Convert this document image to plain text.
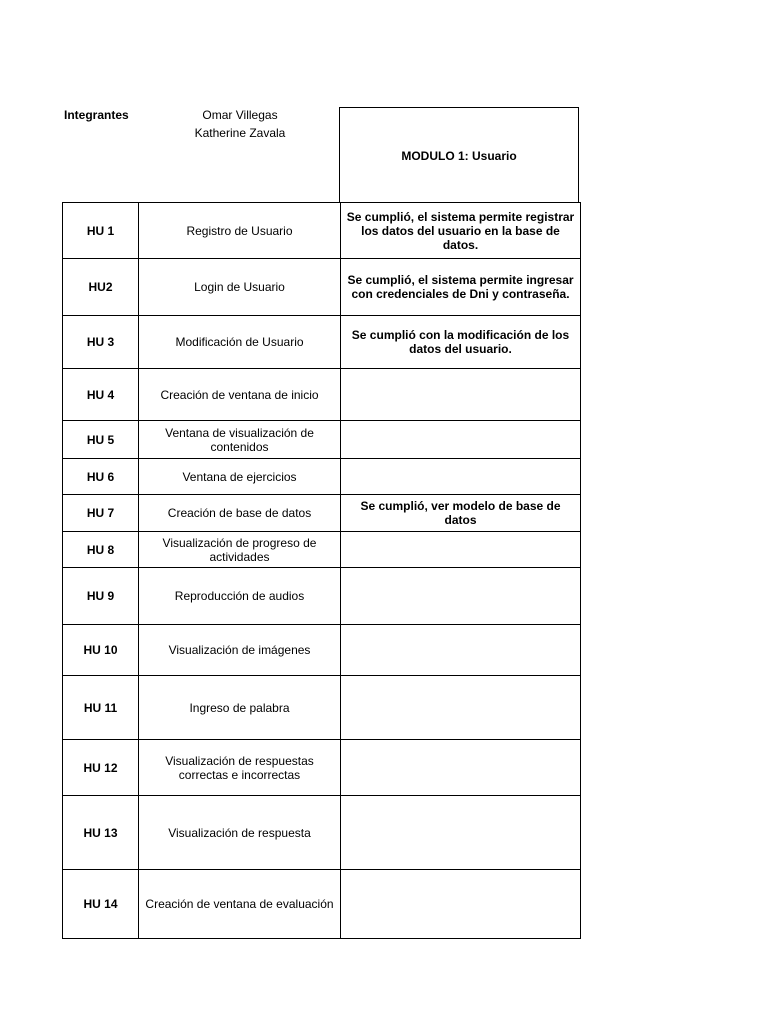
Integrantes	Omar Villegas
Katherine Zavala
MODULO 1: Usuario
HU 1	Registro de Usuario	Se cumplió, el sistema permite registrar los datos del usuario en la base de datos.
HU2	Login de Usuario	Se cumplió, el sistema permite ingresar con credenciales de Dni y contraseña.
HU 3	Modificación de Usuario	Se cumplió con la modificación de los datos del usuario.
HU 4	Creación de ventana de inicio	
HU 5	Ventana de visualización de contenidos	
HU 6	Ventana de ejercicios	
HU 7	Creación de base de datos	Se cumplió, ver modelo de base de datos
HU 8	Visualización de progreso de actividades	
HU 9	Reproducción de audios	
HU 10	Visualización de imágenes	
HU 11	Ingreso de palabra	
HU 12	Visualización de respuestas correctas e incorrectas	
HU 13	Visualización de respuesta	
HU 14	Creación de ventana de evaluación	
